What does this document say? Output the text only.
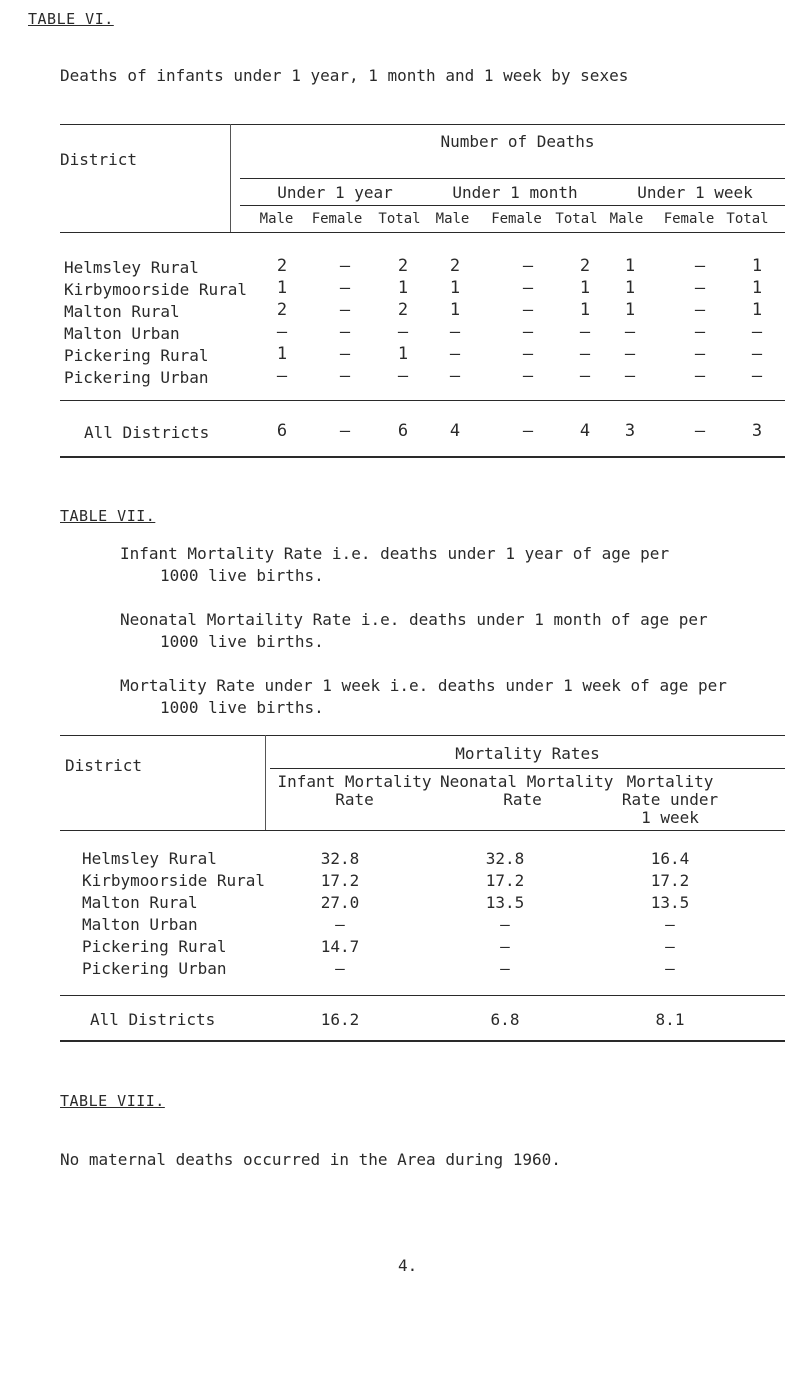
TABLE VI.
Deaths of infants under 1 year, 1 month and 1 week by sexes
District
Number of Deaths
Under 1 year	Under 1 month	Under 1 week
Male	Female	Total	Male	Female Total Male	Female Total
Helmsley Rural	2	–	2	2	–	2	1	–	1
Kirbymoorside Rural	1	–	1	1	–	1	1	–	1
Malton Rural	2	–	2	1	–	1	1	–	1
Malton Urban	–	–	–	–	–	–	–	–	–
Pickering Rural	1	–	1	–	–	–	–	–	–
Pickering Urban	–	–	–	–	–	–	–	–	–
All Districts	6	–	6	4	–	4	3	–	3
TABLE VII.
Infant Mortality Rate i.e. deaths under 1 year of age per
1000 live births.
Neonatal Mortaility Rate i.e. deaths under 1 month of age per
1000 live births.
Mortality Rate under 1 week i.e. deaths under 1 week of age per
1000 live births.
District
Mortality Rates
Infant Mortality
Rate
Neonatal Mortality
Rate
Mortality
Rate under
1 week
Helmsley Rural	32.8	32.8	16.4
Kirbymoorside Rural	17.2	17.2	17.2
Malton Rural	27.0	13.5	13.5
Malton Urban	–	–	–
Pickering Rural	14.7	–	–
Pickering Urban	–	–	–
All Districts	16.2	6.8	8.1
TABLE VIII.
No maternal deaths occurred in the Area during 1960.
4.
